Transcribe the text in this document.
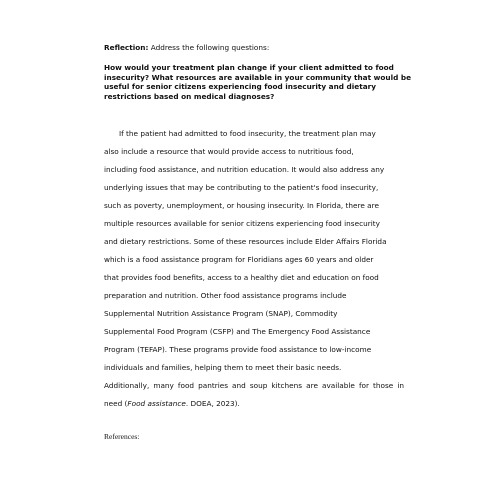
Reflection: Address the following questions:
How would your treatment plan change if your client admitted to food
insecurity? What resources are available in your community that would be
useful for senior citizens experiencing food insecurity and dietary
restrictions based on medical diagnoses?
If the patient had admitted to food insecurity, the treatment plan may
also include a resource that would provide access to nutritious food,
including food assistance, and nutrition education. It would also address any
underlying issues that may be contributing to the patient's food insecurity,
such as poverty, unemployment, or housing insecurity. In Florida, there are
multiple resources available for senior citizens experiencing food insecurity
and dietary restrictions. Some of these resources include Elder Affairs Florida
which is a food assistance program for Floridians ages 60 years and older
that provides food benefits, access to a healthy diet and education on food
preparation and nutrition. Other food assistance programs include
Supplemental Nutrition Assistance Program (SNAP), Commodity
Supplemental Food Program (CSFP) and The Emergency Food Assistance
Program (TEFAP). These programs provide food assistance to low-income
individuals and families, helping them to meet their basic needs.
Additionally, many food pantries and soup kitchens are available for those in
need (Food assistance. DOEA, 2023).
References:
